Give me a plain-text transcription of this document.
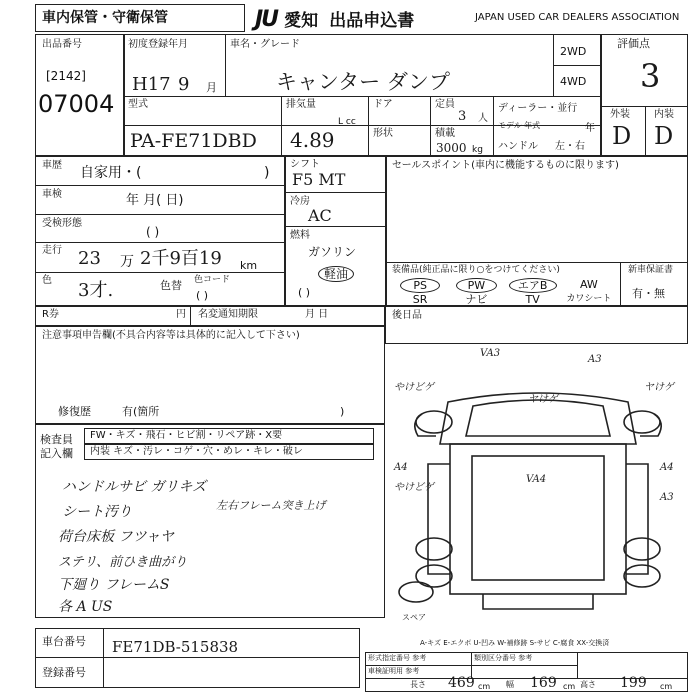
車内保管・守衛保管	JU 愛知 出品申込書	JAPAN USED CAR DEALERS ASSOCIATION
出品番号
[2142]
07004
初度登録年月
H17 9 月
車名・グレード
キャンター ダンプ
2WD
4WD
評価点
3
型式
PA-FE71DBD
排気量
4.89
L cc
ドア
形状
定員
3 人
積載
3000 kg
ディーラー・並行
モデル 年式	年
ハンドル 左・右
外装 内装
D D
車歴 自家用・(	)
車検	年 月( 日)
受検形態
( )
走行 23 万 2千9百19 km
色 3才.	色替 色コード
( )
シフト
F5 MT
冷房
AC
燃料
ガソリン
軽油
( )
セールスポイント(車内に機能するものに限ります)
装備品(純正品に限り○をつけてください)
PS	PW	エアB	AW
SR	ナビ	TV	カワシート
新車保証書
有・無
R券	円 名変通知期限	月 日	後日品
注意事項申告欄(不具合内容等は具体的に記入して下さい)
修復歴	有(箇所	)
検査員
記入欄
FW・キズ・飛石・ヒビ割・リペア跡・X要
内装 キズ・汚レ・コゲ・穴・めレ・キレ・破レ
ハンドルサビ ガリキズ
左右フレーム突き上げ
シート汚り
荷台床板 フツャヤ
ステリ、前ひき曲がり
下廻り フレームS
各 A US
VA3
A3
やけどゲ
ヤけゲ
ヤけゲ
A4
やけどゲ
VA4
A4
A3
スペア
A-キズ E-エクボ U-凹み W-補修跡 S-サビ C-腐食 XX-交換済
車台番号 FE71DB-515838
登録番号
形式指定番号 参考	類別区分番号 参考
車検証明用 参考
長さ 469 cm 幅 169 cm 高さ 199 cm
